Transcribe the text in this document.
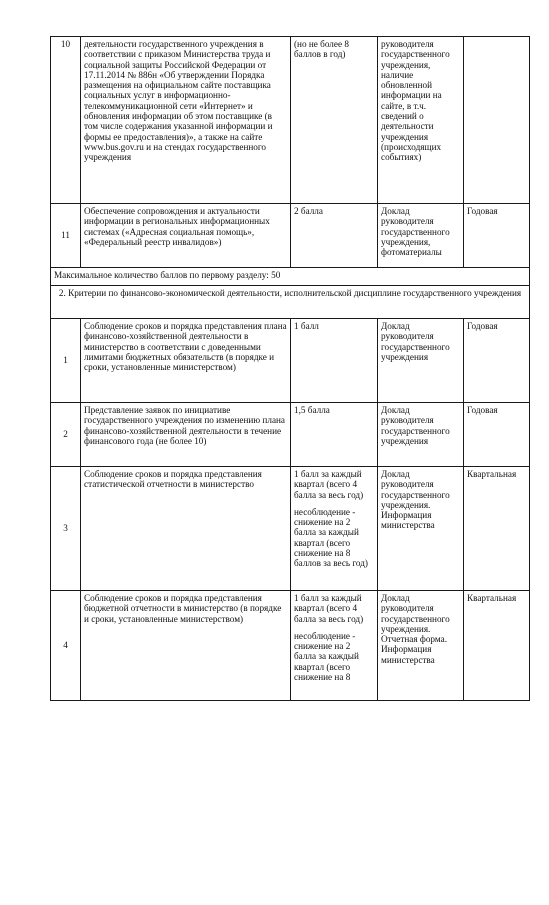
10	деятельности государственного учреждения в соответствии с приказом Министерства труда и социальной защиты Российской Федерации от 17.11.2014 № 886н «Об утверждении Порядка размещения на официальном сайте поставщика социальных услуг в информационно-телекоммуникационной сети «Интернет» и обновления информации об этом поставщике (в том числе содержания указанной информации и формы ее предоставления)», а также на сайте www.bus.gov.ru и на стендах государственного учреждения	(но не более 8 баллов в год)	руководителя государственного учреждения, наличие обновленной информации на сайте, в т.ч. сведений о деятельности учреждения (происходящих событиях)	
11	Обеспечение сопровождения и актуальности информации в региональных информационных системах («Адресная социальная помощь», «Федеральный реестр инвалидов»)	2 балла	Доклад руководителя государственного учреждения, фотоматериалы	Годовая
Максимальное количество баллов по первому разделу: 50				
2. Критерии по финансово-экономической деятельности, исполнительской дисциплине государственного учреждения				
1	Соблюдение сроков и порядка представления плана финансово-хозяйственной деятельности в министерство в соответствии с доведенными лимитами бюджетных обязательств (в порядке и сроки, установленные министерством)	1 балл	Доклад руководителя государственного учреждения	Годовая
2	Представление заявок по инициативе государственного учреждения по изменению плана финансово-хозяйственной деятельности в течение финансового года (не более 10)	1,5 балла	Доклад руководителя государственного учреждения	Годовая
3	Соблюдение сроков и порядка представления статистической отчетности в министерство	1 балл за каждый квартал (всего 4 балла за весь год)
несоблюдение - снижение на 2 балла за каждый квартал (всего снижение на 8 баллов за весь год)	Доклад руководителя государственного учреждения. Информация министерства	Квартальная
4	Соблюдение сроков и порядка представления бюджетной отчетности в министерство (в порядке и сроки, установленные министерством)	1 балл за каждый квартал (всего 4 балла за весь год)
несоблюдение - снижение на 2 балла за каждый квартал (всего снижение на 8	Доклад руководителя государственного учреждения. Отчетная форма. Информация министерства	Квартальная
